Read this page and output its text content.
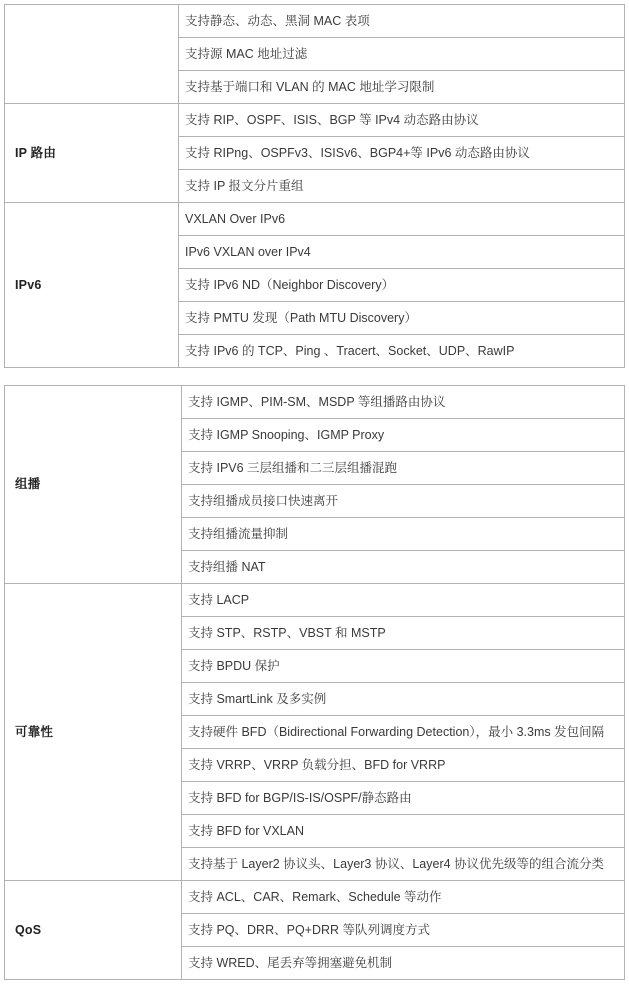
	支持静态、动态、黑洞 MAC 表项
	支持源 MAC 地址过滤
	支持基于端口和 VLAN 的 MAC 地址学习限制
IP 路由	支持 RIP、OSPF、ISIS、BGP 等 IPv4 动态路由协议
	支持 RIPng、OSPFv3、ISISv6、BGP4+等 IPv6 动态路由协议
	支持 IP 报文分片重组
IPv6	VXLAN Over IPv6
	IPv6 VXLAN over IPv4
	支持 IPv6 ND（Neighbor Discovery）
	支持 PMTU 发现（Path MTU Discovery）
	支持 IPv6 的 TCP、Ping 、Tracert、Socket、UDP、RawIP
组播	支持 IGMP、PIM-SM、MSDP 等组播路由协议
	支持 IGMP Snooping、IGMP Proxy
	支持 IPV6 三层组播和二三层组播混跑
	支持组播成员接口快速离开
	支持组播流量抑制
	支持组播 NAT
可靠性	支持 LACP
	支持 STP、RSTP、VBST 和 MSTP
	支持 BPDU 保护
	支持 SmartLink 及多实例
	支持硬件 BFD（Bidirectional Forwarding Detection），最小 3.3ms 发包间隔
	支持 VRRP、VRRP 负载分担、BFD for VRRP
	支持 BFD for BGP/IS-IS/OSPF/静态路由
	支持 BFD for VXLAN
	支持基于 Layer2 协议头、Layer3 协议、Layer4 协议优先级等的组合流分类
QoS	支持 ACL、CAR、Remark、Schedule 等动作
	支持 PQ、DRR、PQ+DRR 等队列调度方式
	支持 WRED、尾丢弃等拥塞避免机制
